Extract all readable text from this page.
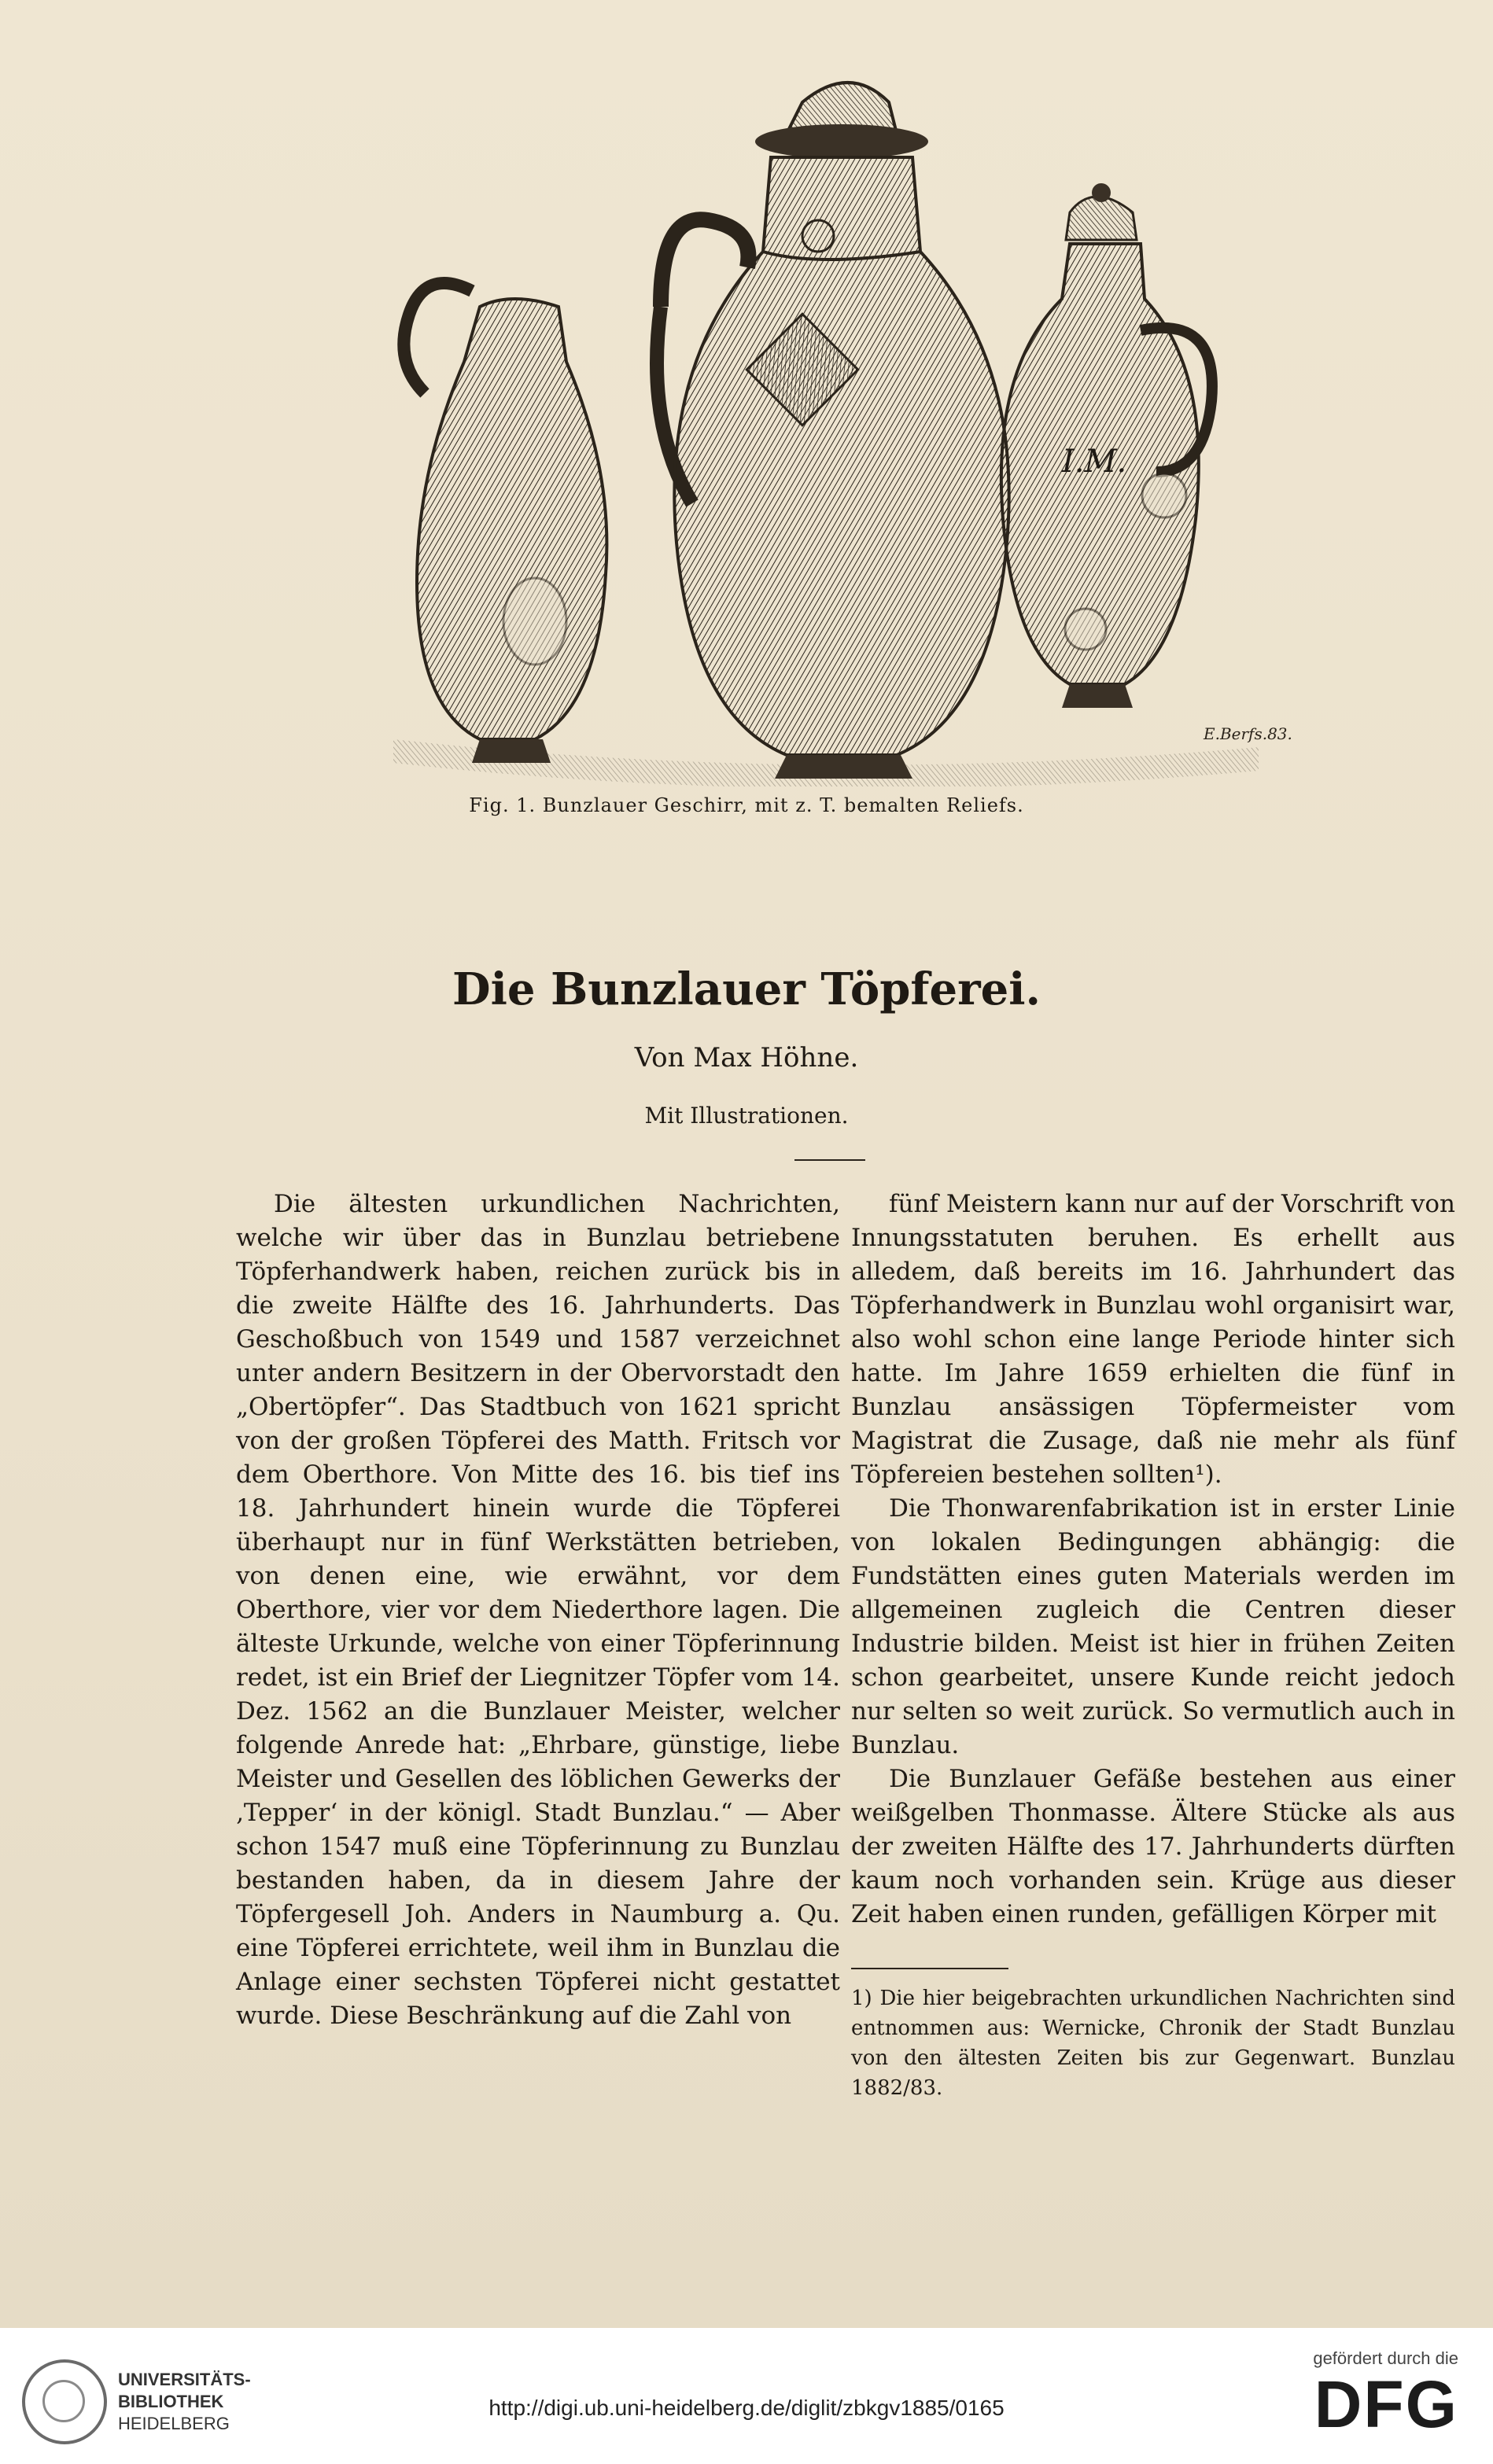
I.M.
E.Berfs.83.
Fig. 1. Bunzlauer Geschirr, mit z. T. bemalten Reliefs.
Die Bunzlauer Töpferei.
Von Max Höhne.
Mit Illustrationen.

Die ältesten urkundlichen Nachrichten, welche wir über das in Bunzlau betriebene Töpferhandwerk haben, reichen zurück bis in die zweite Hälfte des 16. Jahrhunderts. Das Geschoßbuch von 1549 und 1587 verzeichnet unter andern Besitzern in der Obervorstadt den „Obertöpfer“. Das Stadtbuch von 1621 spricht von der großen Töpferei des Matth. Fritsch vor dem Oberthore. Von Mitte des 16. bis tief ins 18. Jahrhundert hinein wurde die Töpferei überhaupt nur in fünf Werkstätten betrieben, von denen eine, wie erwähnt, vor dem Oberthore, vier vor dem Niederthore lagen. Die älteste Urkunde, welche von einer Töpferinnung redet, ist ein Brief der Liegnitzer Töpfer vom 14. Dez. 1562 an die Bunzlauer Meister, welcher folgende Anrede hat: „Ehrbare, günstige, liebe Meister und Gesellen des löblichen Gewerks der ‚Tepper‘ in der königl. Stadt Bunzlau.“ — Aber schon 1547 muß eine Töpferinnung zu Bunzlau bestanden haben, da in diesem Jahre der Töpfergesell Joh. Anders in Naumburg a. Qu. eine Töpferei errichtete, weil ihm in Bunzlau die Anlage einer sechsten Töpferei nicht gestattet wurde. Diese Beschränkung auf die Zahl von

fünf Meistern kann nur auf der Vorschrift von Innungsstatuten beruhen. Es erhellt aus alledem, daß bereits im 16. Jahrhundert das Töpferhandwerk in Bunzlau wohl organisirt war, also wohl schon eine lange Periode hinter sich hatte. Im Jahre 1659 erhielten die fünf in Bunzlau ansässigen Töpfermeister vom Magistrat die Zusage, daß nie mehr als fünf Töpfereien bestehen sollten¹).

Die Thonwarenfabrikation ist in erster Linie von lokalen Bedingungen abhängig: die Fundstätten eines guten Materials werden im allgemeinen zugleich die Centren dieser Industrie bilden. Meist ist hier in frühen Zeiten schon gearbeitet, unsere Kunde reicht jedoch nur selten so weit zurück. So vermutlich auch in Bunzlau.

Die Bunzlauer Gefäße bestehen aus einer weißgelben Thonmasse. Ältere Stücke als aus der zweiten Hälfte des 17. Jahrhunderts dürften kaum noch vorhanden sein. Krüge aus dieser Zeit haben einen runden, gefälligen Körper mit

1) Die hier beigebrachten urkundlichen Nachrichten sind entnommen aus: Wernicke, Chronik der Stadt Bunzlau von den ältesten Zeiten bis zur Gegenwart. Bunzlau 1882/83.
UNIVERSITÄTS-
BIBLIOTHEK
HEIDELBERG
http://digi.ub.uni-heidelberg.de/diglit/zbkgv1885/0165
gefördert durch die
DFG
